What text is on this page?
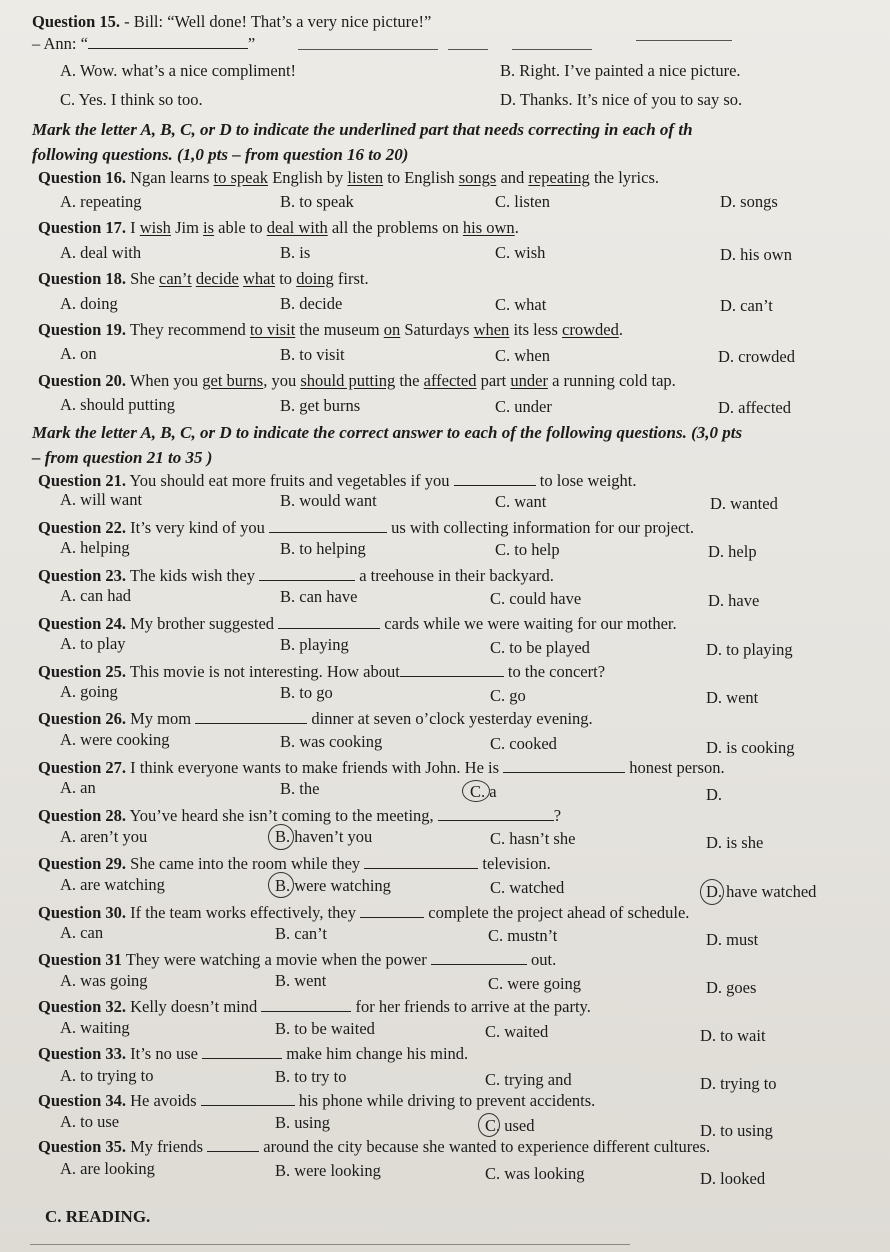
Question 15. - Bill: “Well done! That’s a very nice picture!”
– Ann: “	”
A. Wow. what’s a nice compliment!	B. Right. I’ve painted a nice picture.
C. Yes. I think so too.	D. Thanks. It’s nice of you to say so.
Mark the letter A, B, C, or D to indicate the underlined part that needs correcting in each of th
following questions. (1,0 pts – from question 16 to 20)
Question 16. Ngan learns to speak English by listen to English songs and repeating the lyrics.
A. repeating	B. to speak	C. listen	D. songs
Question 17. I wish Jim is able to deal with all the problems on his own.
A. deal with	B. is	C. wish	D. his own
Question 18. She can’t decide what to doing first.
A. doing	B. decide	C. what	D. can’t
Question 19. They recommend to visit the museum on Saturdays when its less crowded.
A. on	B. to visit	C. when	D. crowded
Question 20. When you get burns, you should putting the affected part under a running cold tap.
A. should putting	B. get burns	C. under	D. affected
Mark the letter A, B, C, or D to indicate the correct answer to each of the following questions. (3,0 pts
– from question 21 to 35 )
Question 21. You should eat more fruits and vegetables if you	to lose weight.
A. will want	B. would want	C. want	D. wanted
Question 22. It’s very kind of you	us with collecting information for our project.
A. helping	B. to helping	C. to help	D. help
Question 23. The kids wish they	a treehouse in their backyard.
A. can had	B. can have	C. could have	D. have
Question 24. My brother suggested	cards while we were waiting for our mother.
A. to play	B. playing	C. to be played	D. to playing
Question 25. This movie is not interesting. How about	to the concert?
A. going	B. to go	C. go	D. went
Question 26. My mom	dinner at seven o’clock yesterday evening.
A. were cooking	B. was cooking	C. cooked	D. is cooking
Question 27. I think everyone wants to make friends with John. He is	honest person.
A. an	B. the	C. a	D.
Question 28. You’ve heard she isn’t coming to the meeting,	?
A. aren’t you	B. haven’t you	C. hasn’t she	D. is she
Question 29. She came into the room while they	television.
A. are watching	B. were watching	C. watched	D. have watched
Question 30. If the team works effectively, they	complete the project ahead of schedule.
A. can	B. can’t	C. mustn’t	D. must
Question 31 They were watching a movie when the power	out.
A. was going	B. went	C. were going	D. goes
Question 32. Kelly doesn’t mind	for her friends to arrive at the party.
A. waiting	B. to be waited	C. waited	D. to wait
Question 33. It’s no use	make him change his mind.
A. to trying to	B. to try to	C. trying and	D. trying to
Question 34. He avoids	his phone while driving to prevent accidents.
A. to use	B. using	C. used	D. to using
Question 35. My friends	around the city because she wanted to experience different cultures.
A. are looking	B. were looking	C. was looking	D. looked
C. READING.
